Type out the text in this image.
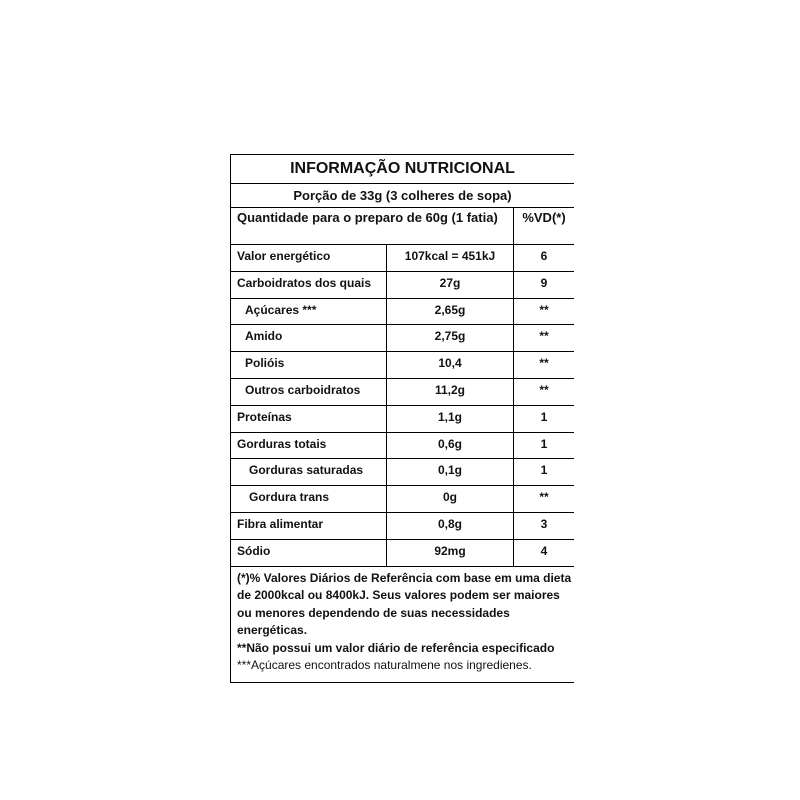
INFORMAÇÃO NUTRICIONAL
Porção de 33g (3 colheres de sopa)
Quantidade para o preparo de 60g (1 fatia)	%VD(*)
Valor energético	107kcal = 451kJ	6
Carboidratos dos quais	27g	9
Açúcares ***	2,65g	**
Amido	2,75g	**
Polióis	10,4	**
Outros carboidratos	11,2g	**
Proteínas	1,1g	1
Gorduras totais	0,6g	1
Gorduras saturadas	0,1g	1
Gordura trans	0g	**
Fibra alimentar	0,8g	3
Sódio	92mg	4
(*)% Valores Diários de Referência com base em uma dieta de 2000kcal ou 8400kJ. Seus valores podem ser maiores ou menores dependendo de suas necessidades energéticas.
**Não possui um valor diário de referência especificado
***Açúcares encontrados naturalmene nos ingredienes.
